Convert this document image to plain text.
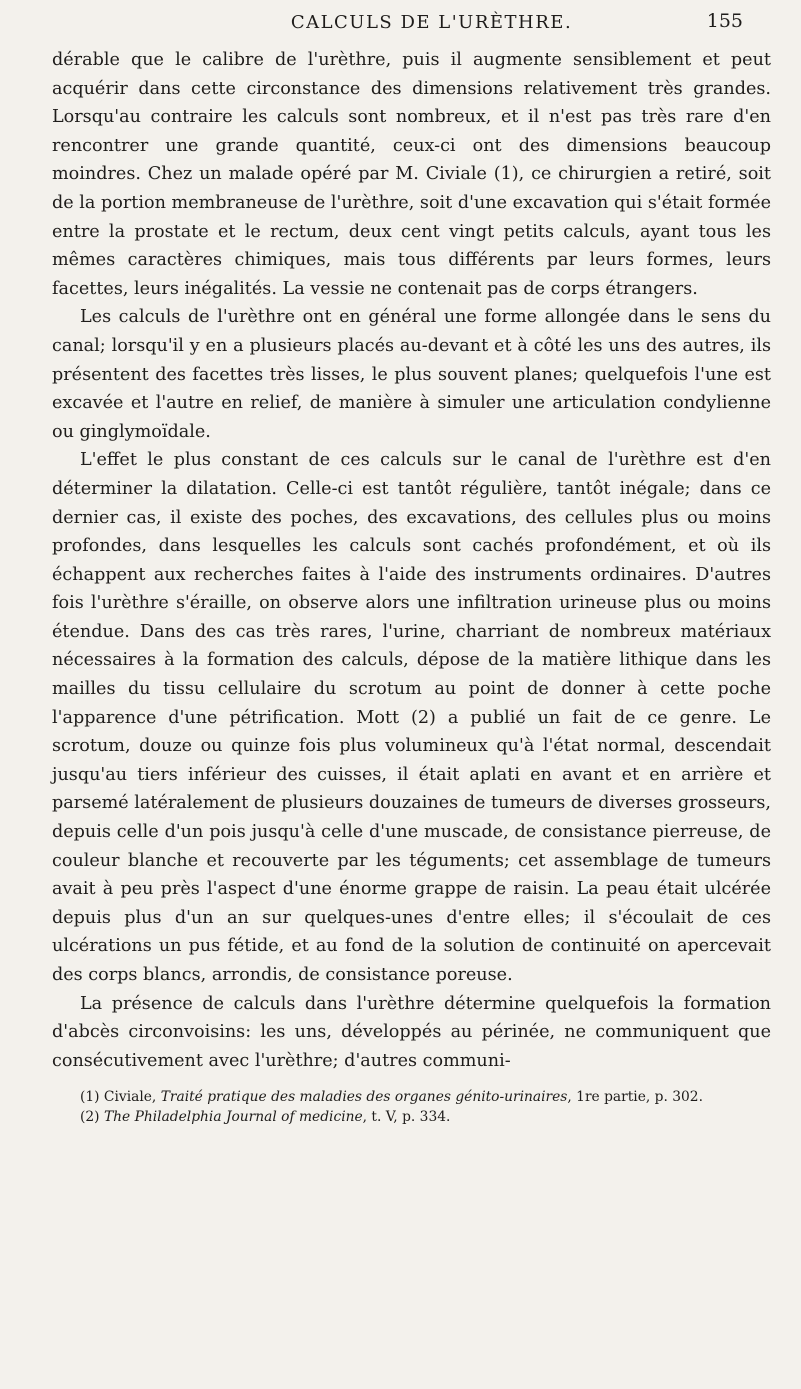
CALCULS DE L'URÈTHRE.	155

dérable que le calibre de l'urèthre, puis il augmente sensiblement et peut acquérir dans cette circonstance des dimensions relativement très grandes. Lorsqu'au contraire les calculs sont nombreux, et il n'est pas très rare d'en rencontrer une grande quantité, ceux-ci ont des dimensions beaucoup moindres. Chez un malade opéré par M. Civiale (1), ce chirurgien a retiré, soit de la portion membraneuse de l'urèthre, soit d'une excavation qui s'était formée entre la prostate et le rectum, deux cent vingt petits calculs, ayant tous les mêmes caractères chimiques, mais tous différents par leurs formes, leurs facettes, leurs inégalités. La vessie ne contenait pas de corps étrangers.

Les calculs de l'urèthre ont en général une forme allongée dans le sens du canal; lorsqu'il y en a plusieurs placés au-devant et à côté les uns des autres, ils présentent des facettes très lisses, le plus souvent planes; quelquefois l'une est excavée et l'autre en relief, de manière à simuler une articulation condylienne ou ginglymoïdale.

L'effet le plus constant de ces calculs sur le canal de l'urèthre est d'en déterminer la dilatation. Celle-ci est tantôt régulière, tantôt inégale; dans ce dernier cas, il existe des poches, des excavations, des cellules plus ou moins profondes, dans lesquelles les calculs sont cachés profondément, et où ils échappent aux recherches faites à l'aide des instruments ordinaires. D'autres fois l'urèthre s'éraille, on observe alors une infiltration urineuse plus ou moins étendue. Dans des cas très rares, l'urine, charriant de nombreux matériaux nécessaires à la formation des calculs, dépose de la matière lithique dans les mailles du tissu cellulaire du scrotum au point de donner à cette poche l'apparence d'une pétrification. Mott (2) a publié un fait de ce genre. Le scrotum, douze ou quinze fois plus volumineux qu'à l'état normal, descendait jusqu'au tiers inférieur des cuisses, il était aplati en avant et en arrière et parsemé latéralement de plusieurs douzaines de tumeurs de diverses grosseurs, depuis celle d'un pois jusqu'à celle d'une muscade, de consistance pierreuse, de couleur blanche et recouverte par les téguments; cet assemblage de tumeurs avait à peu près l'aspect d'une énorme grappe de raisin. La peau était ulcérée depuis plus d'un an sur quelques-unes d'entre elles; il s'écoulait de ces ulcérations un pus fétide, et au fond de la solution de continuité on apercevait des corps blancs, arrondis, de consistance poreuse.

La présence de calculs dans l'urèthre détermine quelquefois la formation d'abcès circonvoisins: les uns, développés au périnée, ne communiquent que consécutivement avec l'urèthre; d'autres communi-

(1) Civiale, Traité pratique des maladies des organes génito-urinaires, 1re partie, p. 302.

(2) The Philadelphia Journal of medicine, t. V, p. 334.
